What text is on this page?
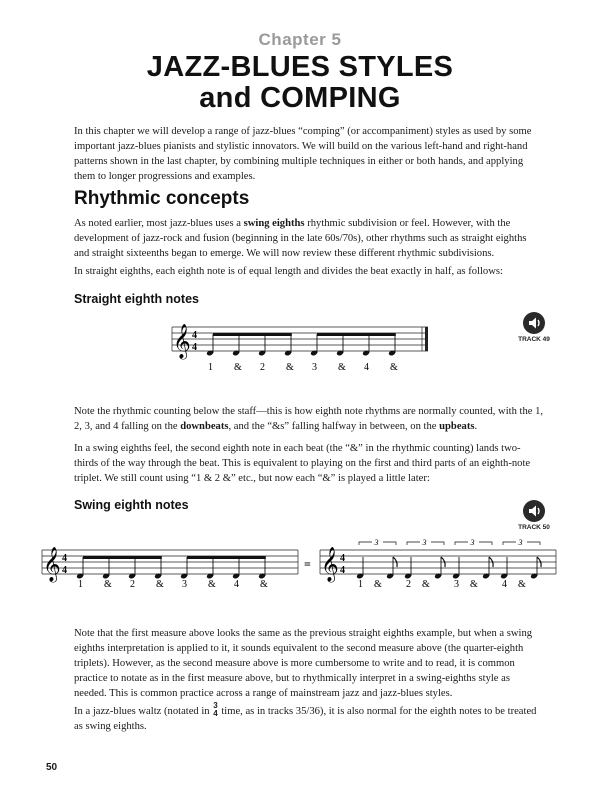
Chapter 5
JAZZ-BLUES STYLES
and COMPING

In this chapter we will develop a range of jazz-blues “comping” (or accompaniment) styles as used by some important jazz-blues pianists and stylistic innovators. We will build on the various left-hand and right-hand patterns shown in the last chapter, by combining multiple techniques in either or both hands, and applying them to longer progressions and examples.

Rhythmic concepts

As noted earlier, most jazz-blues uses a swing eighths rhythmic subdivision or feel. However, with the development of jazz-rock and fusion (beginning in the late 60s/70s), other rhythms such as straight eighths and straight sixteenths began to emerge. We will now review these different rhythmic subdivisions.

In straight eighths, each eighth note is of equal length and divides the beat exactly in half, as follows:

Straight eighth notes
TRACK 49
𝄞 4
4
1 & 2 & 3 & 4 &

Note the rhythmic counting below the staff—this is how eighth note rhythms are normally counted, with the 1, 2, 3, and 4 falling on the downbeats, and the “&s” falling halfway in between, on the upbeats.

In a swing eighths feel, the second eighth note in each beat (the “&” in the rhythmic counting) lands two-thirds of the way through the beat. This is equivalent to playing on the first and third parts of an eighth-note triplet. We still count using “1 & 2 &” etc., but now each “&” is played a little later:

Swing eighth notes
TRACK 50
𝄞 4
4	= 𝄞 4
4
1 & 2 & 3 & 4 &
3	3	3	3
1 & 2 & 3 & 4 &

Note that the first measure above looks the same as the previous straight eighths example, but when a swing eighths interpretation is applied to it, it sounds equivalent to the second measure above (the quarter-eighth triplets). However, as the second measure above is more cumbersome to write and to read, it is common practice to notate as in the first measure above, but to rhythmically interpret in a swing-eighths style as needed. This is common practice across a range of mainstream jazz and jazz-blues styles.

In a jazz-blues waltz (notated in 3
4 time, as in tracks 35/36), it is also normal for the eighth notes to be treated as swing eighths.

50
